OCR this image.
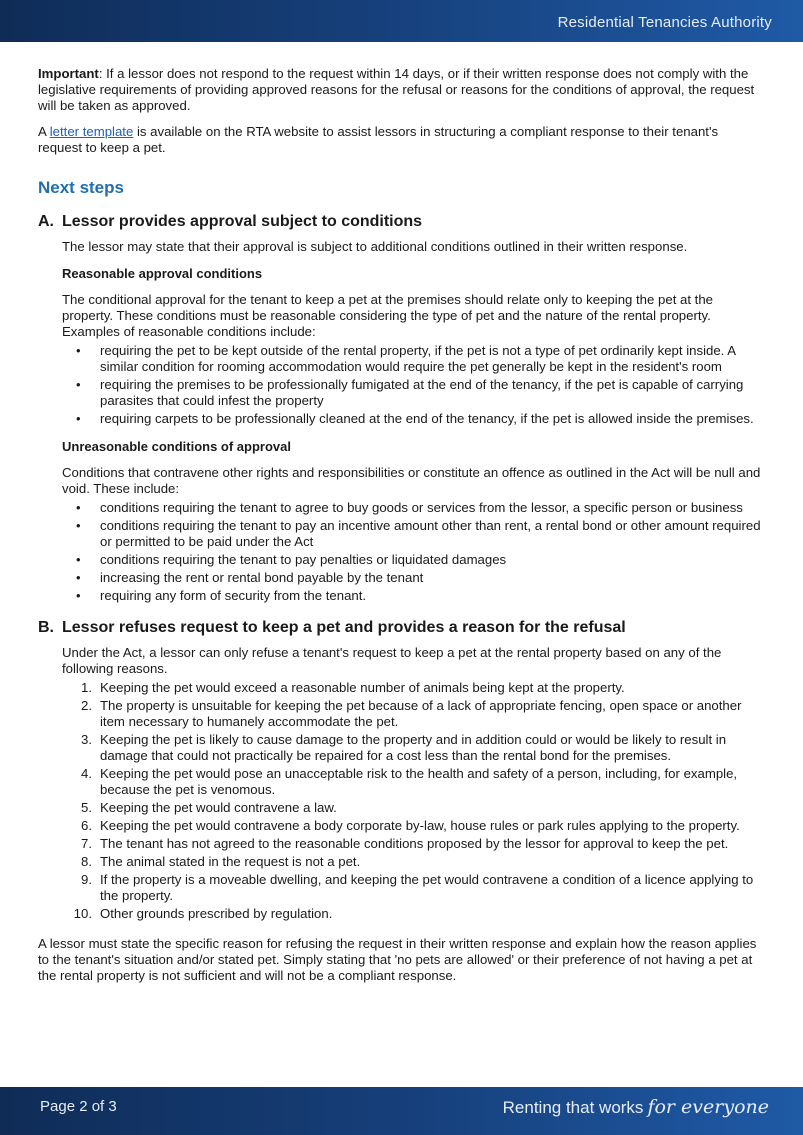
Residential Tenancies Authority

Important: If a lessor does not respond to the request within 14 days, or if their written response does not comply with the legislative requirements of providing approved reasons for the refusal or reasons for the conditions of approval, the request will be taken as approved.

A letter template is available on the RTA website to assist lessors in structuring a compliant response to their tenant's request to keep a pet.

Next steps
A. Lessor provides approval subject to conditions

The lessor may state that their approval is subject to additional conditions outlined in their written response.

Reasonable approval conditions

The conditional approval for the tenant to keep a pet at the premises should relate only to keeping the pet at the property. These conditions must be reasonable considering the type of pet and the nature of the rental property. Examples of reasonable conditions include:

• requiring the pet to be kept outside of the rental property, if the pet is not a type of pet ordinarily kept inside. A similar condition for rooming accommodation would require the pet generally be kept in the resident's room
• requiring the premises to be professionally fumigated at the end of the tenancy, if the pet is capable of carrying parasites that could infest the property
• requiring carpets to be professionally cleaned at the end of the tenancy, if the pet is allowed inside the premises.

Unreasonable conditions of approval

Conditions that contravene other rights and responsibilities or constitute an offence as outlined in the Act will be null and void. These include:

• conditions requiring the tenant to agree to buy goods or services from the lessor, a specific person or business
• conditions requiring the tenant to pay an incentive amount other than rent, a rental bond or other amount required or permitted to be paid under the Act
• conditions requiring the tenant to pay penalties or liquidated damages
• increasing the rent or rental bond payable by the tenant
• requiring any form of security from the tenant.
B. Lessor refuses request to keep a pet and provides a reason for the refusal

Under the Act, a lessor can only refuse a tenant's request to keep a pet at the rental property based on any of the following reasons.

1. Keeping the pet would exceed a reasonable number of animals being kept at the property.
2. The property is unsuitable for keeping the pet because of a lack of appropriate fencing, open space or another item necessary to humanely accommodate the pet.
3. Keeping the pet is likely to cause damage to the property and in addition could or would be likely to result in damage that could not practically be repaired for a cost less than the rental bond for the premises.
4. Keeping the pet would pose an unacceptable risk to the health and safety of a person, including, for example, because the pet is venomous.
5. Keeping the pet would contravene a law.
6. Keeping the pet would contravene a body corporate by-law, house rules or park rules applying to the property.
7. The tenant has not agreed to the reasonable conditions proposed by the lessor for approval to keep the pet.
8. The animal stated in the request is not a pet.
9. If the property is a moveable dwelling, and keeping the pet would contravene a condition of a licence applying to the property.
10. Other grounds prescribed by regulation.

A lessor must state the specific reason for refusing the request in their written response and explain how the reason applies to the tenant's situation and/or stated pet. Simply stating that 'no pets are allowed' or their preference of not having a pet at the rental property is not sufficient and will not be a compliant response.

Page 2 of 3	Renting that works for everyone
